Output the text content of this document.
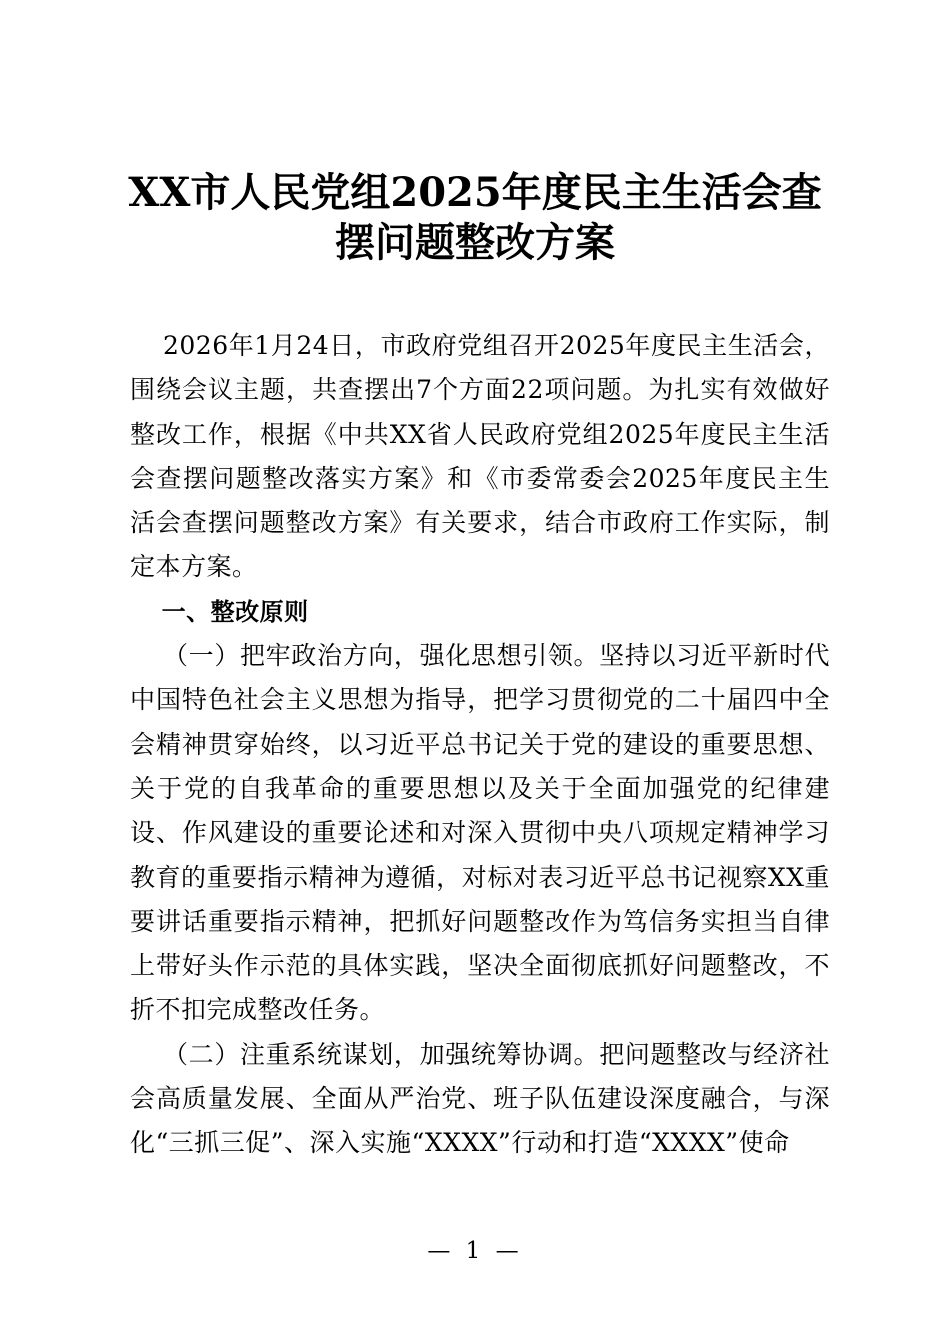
XX市人民党组2025年度民主生活会查
摆问题整改方案

2026年1月24日，市政府党组召开2025年度民主生活会，围绕会议主题，共查摆出7个方面22项问题。为扎实有效做好整改工作，根据《中共XX省人民政府党组2025年度民主生活会查摆问题整改落实方案》和《市委常委会2025年度民主生活会查摆问题整改方案》有关要求，结合市政府工作实际，制定本方案。

一、整改原则

（一）把牢政治方向，强化思想引领。坚持以习近平新时代中国特色社会主义思想为指导，把学习贯彻党的二十届四中全会精神贯穿始终，以习近平总书记关于党的建设的重要思想、关于党的自我革命的重要思想以及关于全面加强党的纪律建设、作风建设的重要论述和对深入贯彻中央八项规定精神学习教育的重要指示精神为遵循，对标对表习近平总书记视察XX重要讲话重要指示精神，把抓好问题整改作为笃信务实担当自律上带好头作示范的具体实践，坚决全面彻底抓好问题整改，不折不扣完成整改任务。

（二）注重系统谋划，加强统筹协调。把问题整改与经济社会高质量发展、全面从严治党、班子队伍建设深度融合，与深化“三抓三促”、深入实施“XXXX”行动和打造“XXXX”使命

— 1 —
